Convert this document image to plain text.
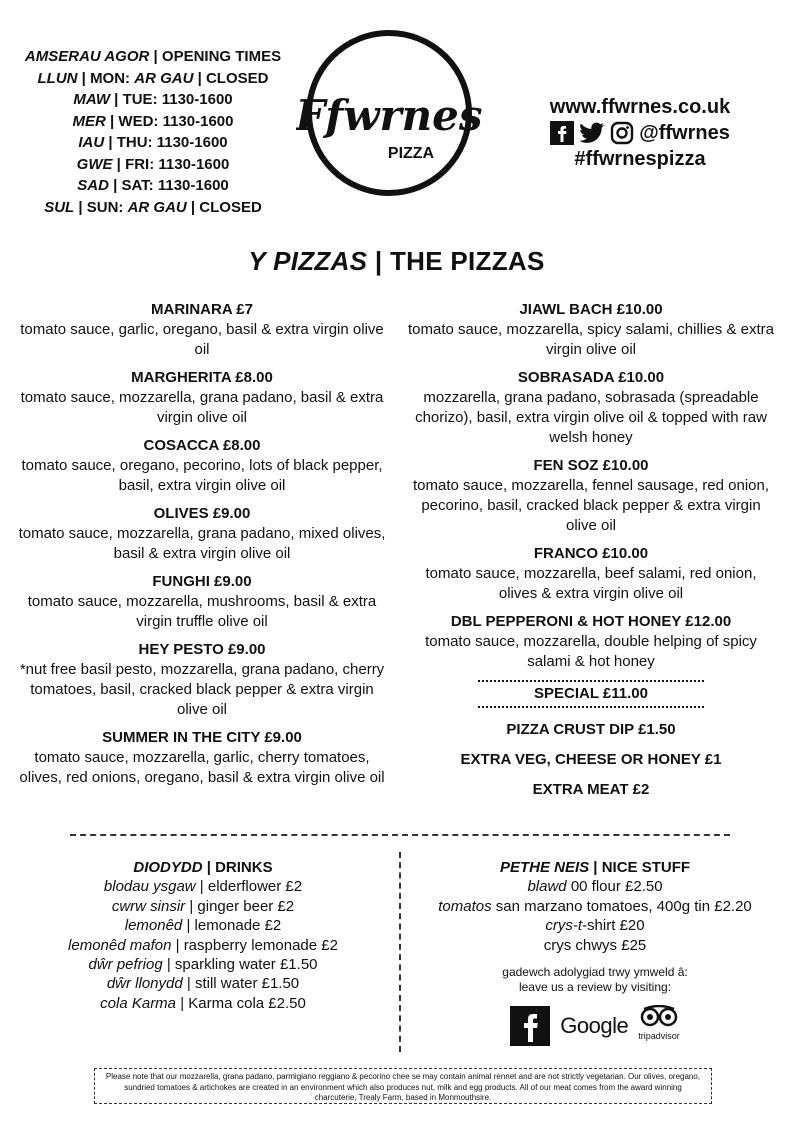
AMSERAU AGOR | OPENING TIMES
LLUN | MON: AR GAU | CLOSED
MAW | TUE: 1130-1600
MER | WED: 1130-1600
IAU | THU: 1130-1600
GWE | FRI: 1130-1600
SAD | SAT: 1130-1600
SUL | SUN: AR GAU | CLOSED
Ffwrnes
PIZZA
www.ffwrnes.co.uk
@ffwrnes
#ffwrnespizza
Y PIZZAS | THE PIZZAS
MARINARA £7
tomato sauce, garlic, oregano, basil & extra virgin olive oil
MARGHERITA £8.00
tomato sauce, mozzarella, grana padano, basil & extra virgin olive oil
COSACCA £8.00
tomato sauce, oregano, pecorino, lots of black pepper, basil, extra virgin olive oil
OLIVES £9.00
tomato sauce, mozzarella, grana padano, mixed olives, basil & extra virgin olive oil
FUNGHI £9.00
tomato sauce, mozzarella, mushrooms, basil & extra virgin truffle olive oil
HEY PESTO £9.00
*nut free basil pesto, mozzarella, grana padano, cherry tomatoes, basil, cracked black pepper & extra virgin olive oil
SUMMER IN THE CITY £9.00
tomato sauce, mozzarella, garlic, cherry tomatoes, olives, red onions, oregano, basil & extra virgin olive oil
JIAWL BACH £10.00
tomato sauce, mozzarella, spicy salami, chillies & extra virgin olive oil
SOBRASADA £10.00
mozzarella, grana padano, sobrasada (spreadable chorizo), basil, extra virgin olive oil & topped with raw welsh honey
FEN SOZ £10.00
tomato sauce, mozzarella, fennel sausage, red onion, pecorino, basil, cracked black pepper & extra virgin olive oil
FRANCO £10.00
tomato sauce, mozzarella, beef salami, red onion, olives & extra virgin olive oil
DBL PEPPERONI & HOT HONEY £12.00
tomato sauce, mozzarella, double helping of spicy salami & hot honey
SPECIAL £11.00
PIZZA CRUST DIP £1.50
EXTRA VEG, CHEESE OR HONEY £1
EXTRA MEAT £2
DIODYDD | DRINKS
blodau ysgaw | elderflower £2
cwrw sinsir | ginger beer £2
lemonêd | lemonade £2
lemonêd mafon | raspberry lemonade £2
dŵr pefriog | sparkling water £1.50
dŵr llonydd | still water £1.50
cola Karma | Karma cola £2.50
PETHE NEIS | NICE STUFF
blawd 00 flour £2.50
tomatos san marzano tomatoes, 400g tin £2.20
crys-t-shirt £20
crys chwys £25
gadewch adolygiad trwy ymweld â:
leave us a review by visiting:
Google tripadvisor
Please note that our mozzarella, grana padano, parmigiano reggiano & pecorino chee se may contain animal rennet and are not strictly vegetarian. Our olives, oregano, sundried tomatoes & artichokes are created in an environment which also produces nut, milk and egg products. All of our meat comes from the award winning charcuterie, Trealy Farm, based in Monmouthsire.
